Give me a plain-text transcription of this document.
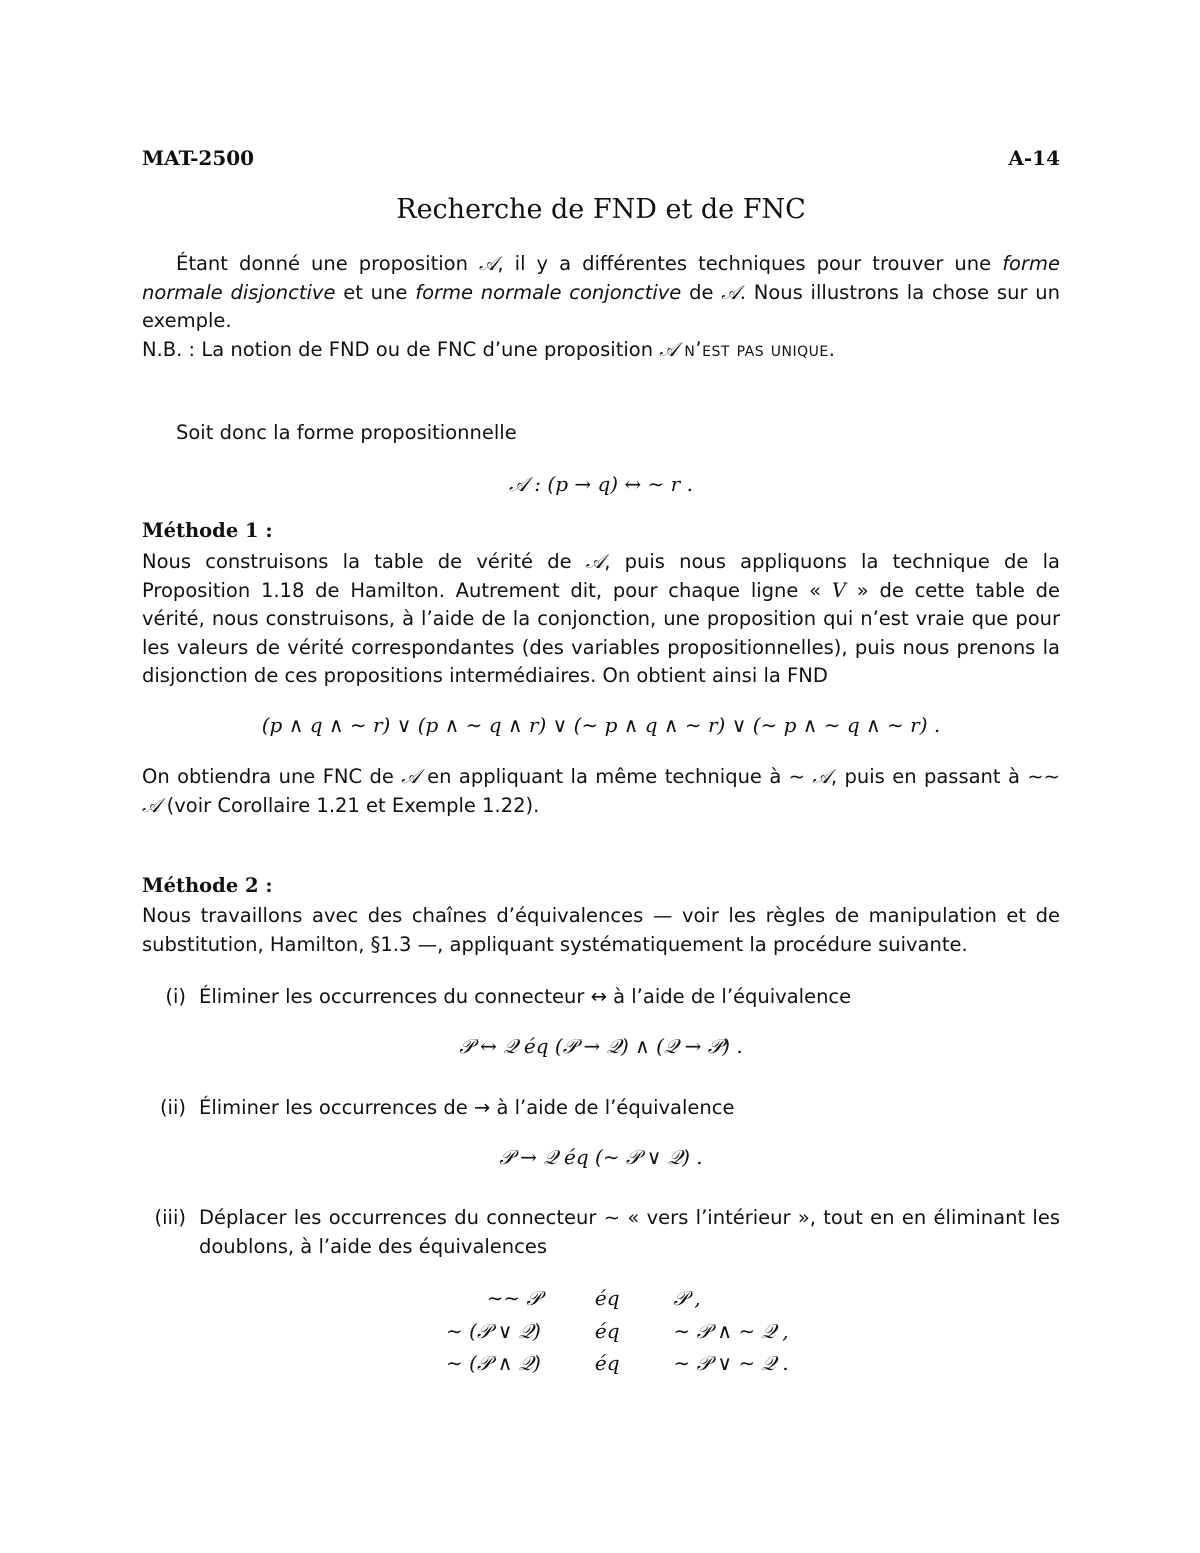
MAT-2500	A-14
Recherche de FND et de FNC

Étant donné une proposition 𝒜, il y a différentes techniques pour trouver une forme normale disjonctive et une forme normale conjonctive de 𝒜. Nous illustrons la chose sur un exemple.

N.B. : La notion de FND ou de FNC d’une proposition 𝒜 n’est pas unique.

Soit donc la forme propositionnelle

𝒜 : (p → q) ↔ ∼ r .
Méthode 1 :

Nous construisons la table de vérité de 𝒜, puis nous appliquons la technique de la Proposition 1.18 de Hamilton. Autrement dit, pour chaque ligne « V » de cette table de vérité, nous construisons, à l’aide de la conjonction, une proposition qui n’est vraie que pour les valeurs de vérité correspondantes (des variables propositionnelles), puis nous prenons la disjonction de ces propositions intermédiaires. On obtient ainsi la FND

(p ∧ q ∧ ∼ r) ∨ (p ∧ ∼ q ∧ r) ∨ (∼ p ∧ q ∧ ∼ r) ∨ (∼ p ∧ ∼ q ∧ ∼ r) .

On obtiendra une FNC de 𝒜 en appliquant la même technique à ∼ 𝒜, puis en passant à ∼∼ 𝒜 (voir Corollaire 1.21 et Exemple 1.22).

Méthode 2 :

Nous travaillons avec des chaînes d’équivalences — voir les règles de manipulation et de substitution, Hamilton, §1.3 —, appliquant systématiquement la procédure suivante.

(i) Éliminer les occurrences du connecteur ↔ à l’aide de l’équivalence
𝒫 ↔ 𝒬 éq (𝒫 → 𝒬) ∧ (𝒬 → 𝒫) .
(ii) Éliminer les occurrences de → à l’aide de l’équivalence
𝒫 → 𝒬 éq (∼ 𝒫 ∨ 𝒬) .
(iii) Déplacer les occurrences du connecteur ∼ « vers l’intérieur », tout en en éliminant les doublons, à l’aide des équivalences
∼∼ 𝒫	éq	𝒫 ,
∼ (𝒫 ∨ 𝒬)	éq	∼ 𝒫 ∧ ∼ 𝒬 ,
∼ (𝒫 ∧ 𝒬)	éq	∼ 𝒫 ∨ ∼ 𝒬 .
